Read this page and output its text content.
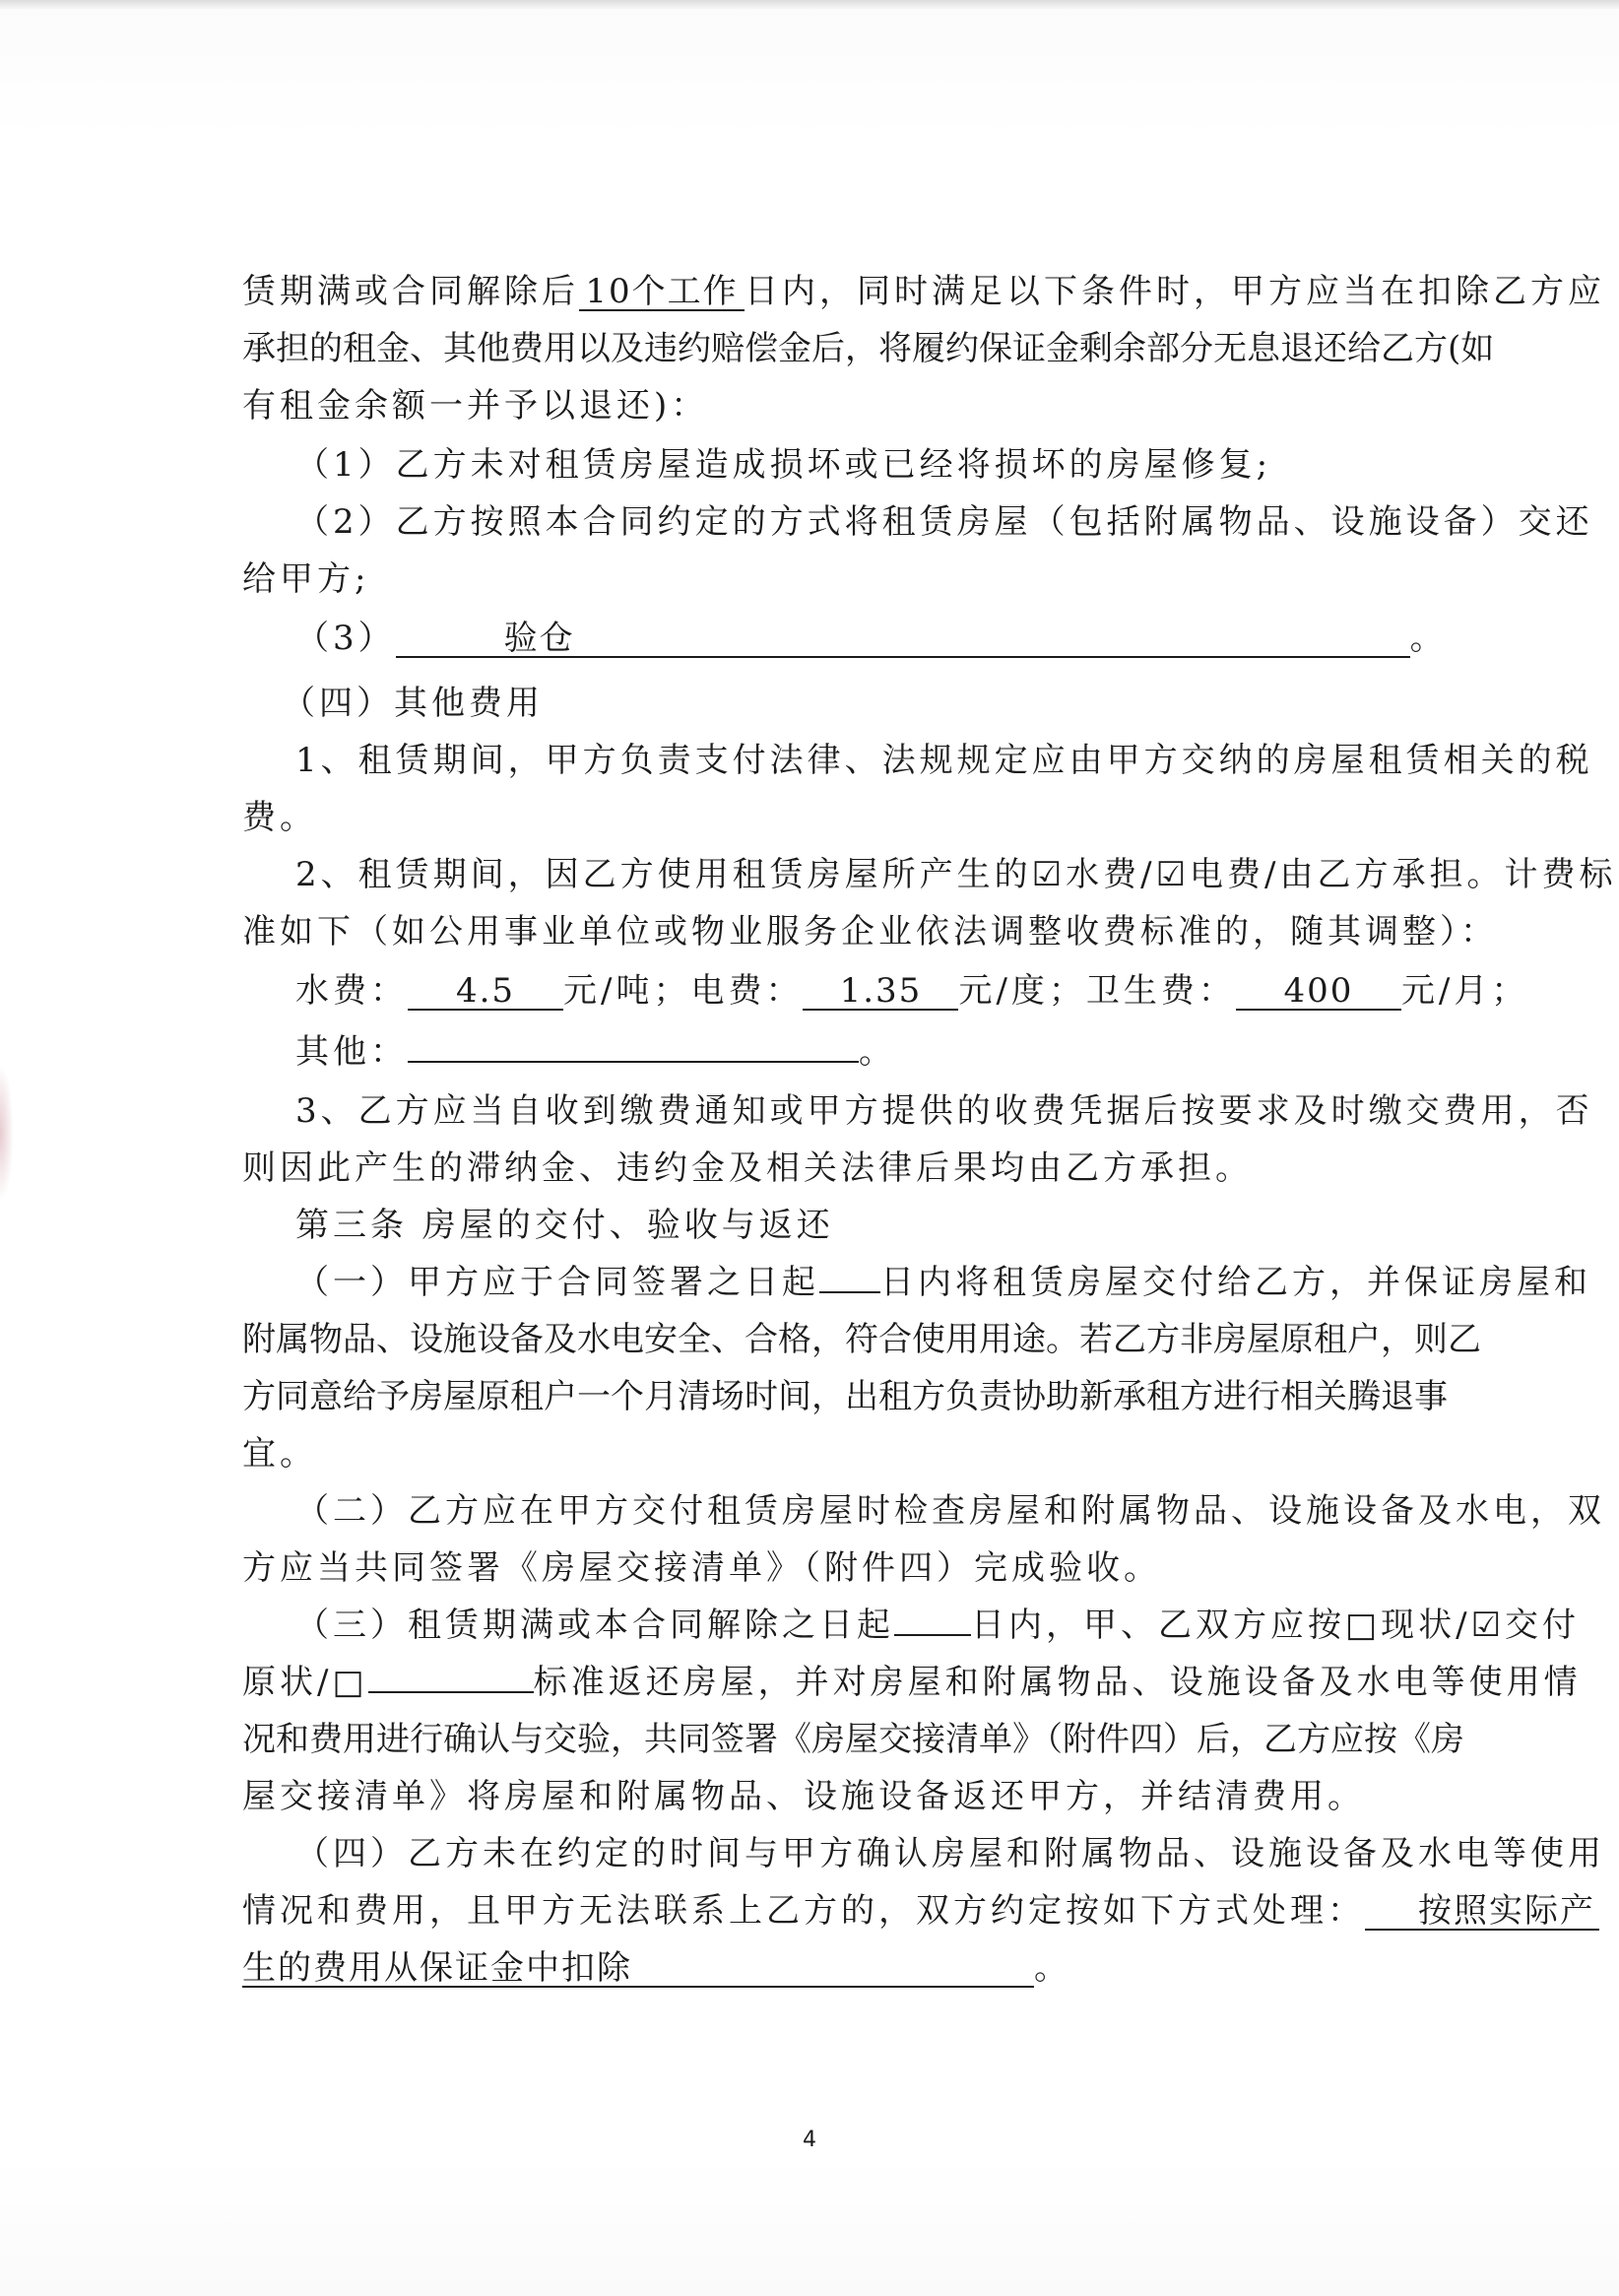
赁期满或合同解除后 10个工作 日内，同时满足以下条件时，甲方应当在扣除乙方应
承担的租金、其他费用以及违约赔偿金后，将履约保证金剩余部分无息退还给乙方(如
有租金余额一并予以退还)：
（1）乙方未对租赁房屋造成损坏或已经将损坏的房屋修复;
（2）乙方按照本合同约定的方式将租赁房屋（包括附属物品、设施设备）交还
给甲方;
（3）	验仓	。
（四）其他费用
1、租赁期间，甲方负责支付法律、法规规定应由甲方交纳的房屋租赁相关的税
费。
2、租赁期间，因乙方使用租赁房屋所产生的☑水费/☑电费/由乙方承担。计费标
准如下（如公用事业单位或物业服务企业依法调整收费标准的，随其调整）：
水费： 4.5 元/吨；电费： 1.35 元/度；卫生费： 400 元/月；
其他：	。
3、乙方应当自收到缴费通知或甲方提供的收费凭据后按要求及时缴交费用，否
则因此产生的滞纳金、违约金及相关法律后果均由乙方承担。
第三条 房屋的交付、验收与返还
（一）甲方应于合同签署之日起 日内将租赁房屋交付给乙方，并保证房屋和
附属物品、设施设备及水电安全、合格，符合使用用途。若乙方非房屋原租户，则乙
方同意给予房屋原租户一个月清场时间，出租方负责协助新承租方进行相关腾退事
宜。
（二）乙方应在甲方交付租赁房屋时检查房屋和附属物品、设施设备及水电，双
方应当共同签署《房屋交接清单》（附件四）完成验收。
（三）租赁期满或本合同解除之日起 日内，甲、乙双方应按□现状/☑交付
原状/□	标准返还房屋，并对房屋和附属物品、设施设备及水电等使用情
况和费用进行确认与交验，共同签署《房屋交接清单》（附件四）后，乙方应按《房
屋交接清单》将房屋和附属物品、设施设备返还甲方，并结清费用。
（四）乙方未在约定的时间与甲方确认房屋和附属物品、设施设备及水电等使用
情况和费用，且甲方无法联系上乙方的，双方约定按如下方式处理： 按照实际产
生的费用从保证金中扣除	。
4
